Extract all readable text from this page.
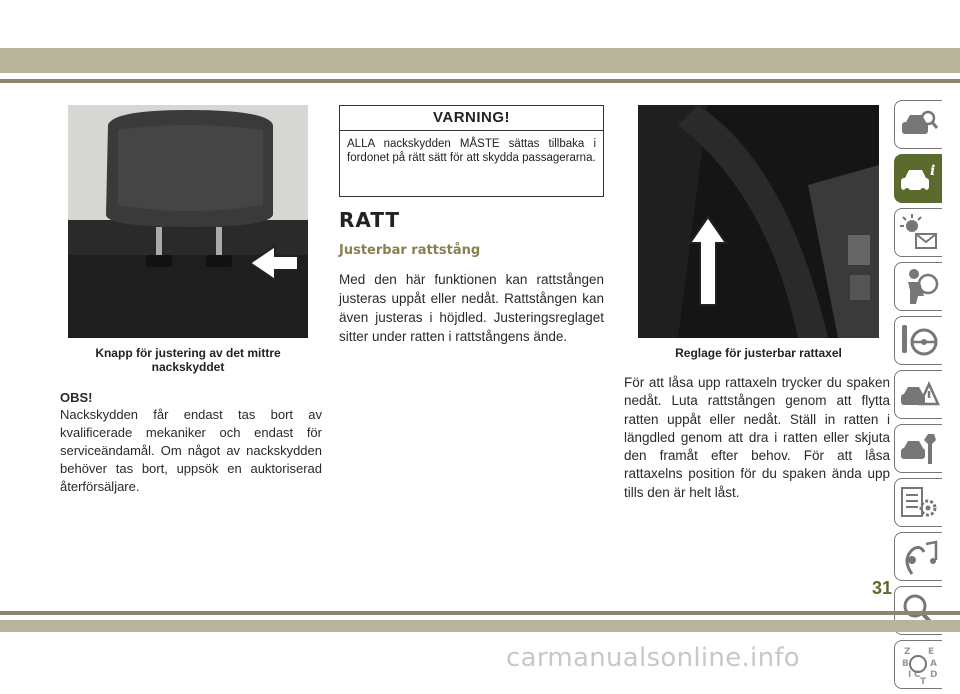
Knapp för justering av det mittre nackskyddet
OBS!
Nackskydden får endast tas bort av kvalificerade mekaniker och endast för serviceändamål. Om något av nackskydden behöver tas bort, uppsök en auktoriserad återförsäljare.
VARNING!
ALLA nackskydden MÅSTE sättas tillbaka i fordonet på rätt sätt för att skydda passagerarna.
RATT
Justerbar rattstång
Med den här funktionen kan rattstången justeras uppåt eller nedåt. Rattstången kan även justeras i höjdled. Justeringsreglaget sitter under ratten i rattstångens ände.
Reglage för justerbar rattaxel
För att låsa upp rattaxeln trycker du spaken nedåt. Luta rattstången genom att flytta ratten uppåt eller nedåt. Ställ in ratten i längdled genom att dra i ratten eller skjuta den framåt efter behov. För att låsa rattaxelns position för du spaken ända upp tills den är helt låst.
i
Z E
B A
I C D
T
31
carmanualsonline.info
